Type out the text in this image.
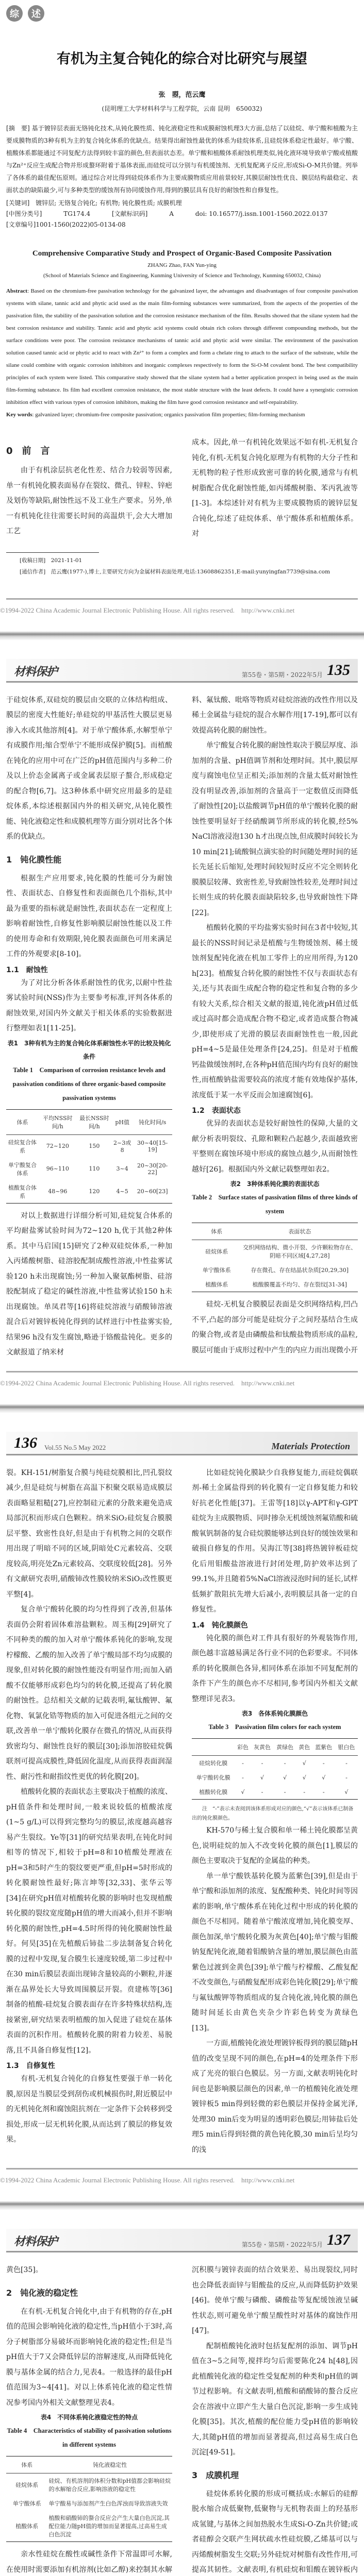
综	述
有机为主复合钝化的综合对比研究与展望
张　曌，范云鹰
(昆明理工大学材料科学与工程学院，云南 昆明　650032)
[摘　要] 基于镀锌层表面无铬钝化技术,从钝化膜性质、钝化液稳定性和成膜耐蚀机理3大方面,总结了以硅烷、单宁酸和植酸为主要成膜物质的3种有机为主的复合钝化体系的优缺点。结果得出耐蚀性最优的体系为硅烷体系,且硅烷体系稳定性最好。单宁酸、植酸体系都能通过不同复配方法得到较丰富的颜色,但表面状态差。单宁酸和植酸体系耐蚀机理类似,钝化液环境导致单宁酸或植酸与Zn²⁺反应生成配合物并形成螯环附着于基体表面,而硅烷可以分别与有机缓蚀剂、无机复配离子反应,形成Si-O-M共价键。列举了各体系的最佳配伍原则。通过综合对比得到硅烷体系作为主要成膜物质应用前景较好,其膜层耐蚀性优良、膜层结构最稳定、表面状态的缺陷最少,可与多种类型的缓蚀剂有协同缓蚀作用,得到的膜层具有良好的耐蚀性和自修复性。
[关键词] 镀锌层; 无铬复合钝化; 有机物; 钝化膜性质; 成膜机理
[中图分类号]	TG174.4	[文献标识码]	A	doi: 10.16577/j.issn.1001-1560.2022.0137
[文章编号]1001-1560(2022)05-0134-08
Comprehensive Comparative Study and Prospect of Organic-Based Composite Passivation
ZHANG Zhao, FAN Yun-ying
(School of Materials Science and Engineering, Kunming University of Science and Technology, Kunming 650032, China)
Abstract: Based on the chromium-free passivation technology for the galvanized layer, the advantages and disadvantages of four composite passivation systems with silane, tannic acid and phytic acid used as the main film-forming substances were summarized, from the aspects of the properties of the passivation film, the stability of the passivation solution and the corrosion resistance mechanism of the film. Results showed that the silane system had the best corrosion resistance and stability. Tannic acid and phytic acid systems could obtain rich colors through different compounding methods, but the surface conditions were poor. The corrosion resistance mechanisms of tannic acid and phytic acid were similar. The environment of the passivation solution caused tannic acid or phytic acid to react with Zn²⁺ to form a complex and form a chelate ring to attach to the surface of the substrate, while the silane could combine with organic corrosion inhibitors and inorganic complexes respectively to form the Si-O-M covalent bond. The best compatibility principles of each system were listed. This comparative study showed that the silane system had a better application prospect in being used as the main film-forming substance. Its film had excellent corrosion resistance, the most stable structure with the least defects. It could have a synergistic corrosion inhibition effect with various types of corrosion inhibitors, making the film have good corrosion resistance and self-repairability.
Key words: galvanized layer; chromium-free composite passivation; organics passivation film properties; film-forming mechanism
0　前　言

由于有机涂层抗老化性差、结合力较弱等因素,单一有机钝化膜表面易存在裂纹、微孔、锌粒、锌疤及划伤等缺陷,耐蚀性远不及工业生产要求。另外,单一有机钝化往往需要长时间的高温烘干,会大大增加工艺

成本。因此,单一有机钝化效果远不如有机-无机复合钝化,有机-无机复合钝化原理为有机物的大分子性和无机物的粒子性形成致密可靠的转化膜,通常与有机树脂配合优化耐蚀性能,如丙烯酸树脂、苯丙乳液等[1-3]。本综述针对有机为主要成膜物质的镀锌层复合钝化,综述了硅烷体系、单宁酸体系和植酸体系。对

[收稿日期]　2021-11-01
[通信作者]　范云鹰(1977-),博士,主要研究方向为金属材料表面处理,电话:13608862351,E-mail:yunyingfan7739@sina.com
©1994-2022 China Academic Journal Electronic Publishing House. All rights reserved.　http://www.cnki.net
材料保护	第55卷・第5期・2022年5月 135

于硅烷体系,双硅烷的膜层由交联的立体结构组成、膜层的密度大性能好;单硅烷的甲基活性大膜层更易渗入水或其他溶剂[4]。对于单宁酸体系,水解型单宁有成膜作用;缩合型单宁不能形成保护膜[5]。而植酸在钝化的应用中可在广泛的pH值范围内与多种二价及以上价态金属离子或金属表层原子螯合,形成稳定的配合物[6,7]。这3种体系中研究应用最多的是硅烷体系,本综述根据国内外的相关研究,从钝化膜性能、钝化液稳定性和成膜机理等方面分别对比各个体系的优缺点。

1　钝化膜性能

根据生产应用要求,钝化膜的性能可分为耐蚀性、表面状态、自修复性和表面颜色几个指标,其中最为重要的指标就是耐蚀性,表面状态在一定程度上影响着耐蚀性,自修复性影响膜层耐蚀性能以及工件的使用寿命和有效期限,钝化膜表面颜色可用来满足工件的外观要求[8-10]。

1.1　耐蚀性

为了对比分析各体系耐蚀性的优劣,以耐中性盐雾试验时间(NSS)作为主要参考标准,评判各体系的耐蚀效果,对国内外文献关于相关体系的实验数据进行整理如表1[11-25]。

表1　3种有机为主的复合钝化体系耐蚀性水平的比较及钝化条件
Table 1　Comparison of corrosion resistance levels and passivation conditions of three organic-based composite passivation systems
体系	平均NSS时间/h	最长NSS时间/h	pH值	钝化时间/s
硅烷复合体系	72~120	150	2~3或8	30~40[15-19]
单宁酸复合体系	96~110	110	3~4	20~30[20-22]
植酸复合体系	48~96	120	4~5	20~60[23]

对以上数据进行详细分析可知,硅烷复合体系的平均耐盐雾试验时间为72~120 h,优于其他2种体系。其中马启国[15]研究了2种双硅烷体系,一种加入丙烯酸树脂、硅溶胶配制成酸性溶液,中性盐雾试验120 h未出现腐蚀;另一种加入聚氨酯树脂、硅溶胶配制成了稳定的碱性溶液,中性盐雾试验150 h未出现腐蚀。单凤君等[16]将硅烷溶液与硝酸铈溶液混合后对镀锌板钝化得到的试样进行中性盐雾实验,结果96 h没有发生腐蚀,略逊于铬酸盐钝化。更多的文献报道了纳米材

料、氟钛酸、吡咯等物质对硅烷溶液的改性作用以及稀土金属盐与硅烷的混合水解作用[17-19],都可以有效提高转化膜的耐蚀性。

单宁酸复合转化膜的耐蚀性取决于膜层厚度、添加剂的含量、pH值调节剂和处理时间。其中,膜层厚度与腐蚀电位呈正相关;添加剂的含量太低对耐蚀性没有明显改善,添加剂的含量高于一定数值反而降低了耐蚀性[20];以盐酸调节pH值的单宁酸转化膜的耐蚀性要明显好于经硝酸调节所形成的转化膜,经5% NaCl溶液浸泡130 h才出现点蚀,但成膜时间较长为10 min[21];硫酸铜点滴实验的时间随处理时间的延长先延长后缩短,处理时间较短时反应不完全则转化膜膜层较薄、致密性差,导致耐蚀性较差,处理时间过长则生成的转化膜表面缺陷较多,也导致耐蚀性下降[22]。

植酸转化膜的平均盐雾实验时间在3者中较短,其最长的NSS时间记录是植酸与生物缓蚀剂、稀土缓蚀剂复配钝化液在机加工零件上的应用所得,为120 h[23]。植酸复合转化膜的耐蚀性不仅与表面状态有关,还与其表面生成配合物的稳定性和复合物的多少有较大关系,综合相关文献的报道,钝化液pH值过低或过高时都会造成配合物不稳定,或者造成螯合物减少,即使形成了光滑的膜层表面耐蚀性也一般,因此pH=4~5是最佳处理条件[24,25]。但是对于植酸钙盐做缓蚀剂时,在各种pH值范围内均有良好的耐蚀性,而植酸钠盐需要较高的浓度才能有效地保护基体,浓度低于某一水平反而会加速腐蚀[6]。

1.2　表面状态

优异的表面状态是较好耐蚀性的保障,大量的文献分析表明裂纹、孔隙和颗粒凸起越少,表面越致密平整则在腐蚀环境中形成的腐蚀点越少,从而耐蚀性越好[26]。根据国内外文献记载整理如表2。

表2　3种体系钝化膜的表面状态
Table 2　Surface states of passivation films of three kinds of system
体系	表面状态
硅烷体系	交织网络结构、微小开裂、少许颗粒物存在、阴暗不同区域[4,27,28]
单宁酸体系	存在微孔、存在结晶状杂质[20,29,30]
植酸体系	植酸膜覆盖不均匀、存在裂纹[31-34]

硅烷-无机复合膜膜层表面是交织网络结构,凹凸不平,凸起的部分可能是硅烷分子之间羟基结合生成的聚合物,或者是由磷酸盐和钛酸盐物质形成的晶粒,膜层可能由于成形过程中产生的内应力而出现微小开

©1994-2022 China Academic Journal Electronic Publishing House. All rights reserved.　http://www.cnki.net
136 Vol.55 No.5 May 2022	Materials Protection

裂。KH-151/树脂复合膜与纯硅烷膜相比,凹孔裂纹减少,但是硅烷与树脂在高温下积聚交联易造成膜层表面略显粗糙[27],应控制硅元素的分散来避免造成局部沉积而形成白色颗粒。纳米SiO₂硅烷复合膜膜层平整、致密性良好,但是由于有机物之间的交联作用出现了明暗不同的区域,阴暗处C元素较高、交联度较高,明亮处Zn元素较高、交联度较低[28]。另外有文献研究表明,硝酸铈改性膜较纳米SiO₂改性膜更平整[4]。

复合单宁酸转化膜的均匀性得到了改善,但基体表面仍会附着固体难溶盐颗粒。周玉梅[29]研究了不同种类的酸的加入对单宁酸体系钝化的影响,发现柠檬酸、乙酸的加入改善了单宁酸局部不均匀成膜的现象,但对转化膜的耐蚀性能没有明显作用;而加入硝酸不仅能够形成彩色均匀的转化膜,还提高了转化膜的耐蚀性。总结相关文献的记载表明,氟钛酸钾、氟化物、氧氯化锆等物质的加入可促进各组元之间的交联,改善单一单宁酸转化膜存在微孔的情况,从而获得致密均匀、耐蚀性良好的膜层[30];添加溶胶硅烷偶联剂可提高成膜性,降低固化温度,从而获得表面润湿性、耐污性和耐指纹性更优的转化膜[20]。

植酸转化膜的表面状态主要取决于植酸的浓度、pH值条件和处理时间,一般来说较低的植酸浓度(1~5 g/L)可以得到完整均匀的膜层,浓度越高越容易产生裂纹。Ye等[31]的研究结果表明,在钝化时间相等的情况下,相较于pH=8和10植酸处理液在pH=3和5时产生的裂纹要更严重,但pH=5时形成的转化膜耐蚀性最好;陈言坤等[32,33]、张华云等[34]在研究pH值对植酸转化膜的影响时也发现植酸转化膜的裂纹宽度随pH值的增大而减小,但并不影响转化膜的耐蚀性,pH=4.5时所得的钝化膜耐蚀性最好。何昊[35]在先植酸后铈盐二步法制备复合转化膜的过程中发现,复合膜生长速度较缓,第二步过程中在30 min后膜层表面出现铈含量较高的小颗粒,并逐渐在晶界处长大导致周围膜层开裂。贲建栋等[36]制备的植酸-硅烷复合膜表面存在许多特殊状结构,连接紧密,研究结果表明植酸的加入促进了硅烷在基体表面的沉积作用。植酸转化膜的附着力较差、易脱落,且不具备自修复性[12]。

1.3　自修复性

有机-无机复合钝化的自修复性要强于单一转化膜,原因是当膜层受到刮伤或机械损伤时,附近膜层中的无机钝化剂和腐蚀阻抗剂在一定条件下会转移到受损处,形成一层无机转化膜,从而达到了膜层的修复效果。

比如硅烷钝化膜缺少自我修复能力,而硅烷偶联剂-稀土金属盐得到的转化膜有一定自修复能力和较好抗老化性能[37]。王雷等[18]以γ-APT和γ-GPT硅烷为主成膜物质、同时掺杂无机缓蚀剂氟锆酸和硫酸氧钒制备的复合硅烷膜能够达到良好的缓蚀效果和破损自修复的作用。吴海江等[38]将热镀锌板硅烷化后用钼酸盐溶液进行封闭处理,防护效率达到了99.1%,并且随着5%NaCl溶液浸泡时间的延长,试样低频扩散阻抗先增大后减小,表明膜层具备一定的自修复性。

1.4　钝化膜颜色

钝化膜的颜色对工件具有很好的外观装饰作用,颜色越丰富越易满足各行业不同的色彩要求。不同体系的转化膜颜色各异,相同体系在添加不同复配剂的条件下产生的颜色亦不尽相同,参考国内外相关文献整理详见表3。

表3　各体系钝化膜颜色
Table 3　Passivation film colors for each system
	彩色	灰黄色	黄绿色	黄色	蓝紫色	银白色
硅烷转化膜	-	-	-	√	-	-
单宁酸转化膜	-	√	√	√	√	-
植酸转化膜	√	-	-	-	-	√
注　“-”表示未查阅到该体系形成对应的颜色,“√”表示该体系已制备出的钝化膜颜色。

KH-570与稀土复合膜和单一稀土钝化膜都呈黄色,说明硅烷的加入不改变转化膜的颜色[1],膜层的颜色主要取决于复配的金属盐的种类。

单一单宁酸铁基转化膜为蓝紫色[39],但是由于单宁酸和添加剂的浓度、复配酸种类、钝化时间等因素的影响,单宁酸体系在钝化过程中形成的转化膜的颜色不尽相同。随着单宁酸浓度增加,钝化膜变厚、颜色加深,单宁酸转化膜为灰黄色[40];单宁酸与钼酸钠复配钝化液,随着钼酸钠含量的增加,膜层颜色由蓝紫色过渡到金黄色[39];单宁酸与柠檬酸、乙酸复配不改变颜色,与硝酸复配形成彩色钝化膜[29];单宁酸与氟钛酸钾等物质组成的复合钝化液,钝化膜的颜色随时间延长由黄色夹杂少许彩色转变为黄绿色[13]。

一方面,植酸钝化液处理镀锌板得到的膜层随pH值的改变呈现不同的颜色,在pH=4的处理条件下形成了光亮的银白色膜层。另一方面,文献表明钝化时间也是影响膜层颜色的因素,单一的植酸钝化液处理镀锌板5 min得到轻微的彩色膜层并保持金属光泽,处理30 min后变为明显的透明彩色膜层;用铈盐后处理5 min后得到轻微的黄色钝化膜,30 min后呈均匀的浅

©1994-2022 China Academic Journal Electronic Publishing House. All rights reserved.　http://www.cnki.net
材料保护	第55卷・第5期・2022年5月 137

黄色[35]。

2　钝化液的稳定性

在有机-无机复合钝化中,由于有机物的存在,pH值的范围会影响钝化液的稳定性,当pH值小于3时,高分子树脂部分易破坏而影响钝化液的稳定性;但是当pH值大于7又会降低锌层的溶解速度,从而降低钝化膜与基体金属的结合力,见表4。一般选择的最佳pH值范围为3~4[41]。对以上体系钝化液的稳定性情况参考国内外相关文献整理见表4。

表4　不同体系钝化液稳定性的特点
Table 4　Characteristics of stability of passivation solutions in different systems
体系	钝化液稳定性
硅烷体系	硅烷、有机溶剂的体积分数和pH值都会影响硅烷的水解缩合反应,影响溶液的稳定性
单宁酸体系	单宁酸易与添加剂产生白色浑浊而导致溶液失效
植酸体系	植酸和硝酸铈的螯合反应会产生大量白色沉淀,其配位能力随pH值的增加而显著提高,过高易生成白色沉淀

亲水性硅烷在酸性或碱性条件下常温即可水解,在使用时需要添加有机溶剂(比如乙醇)来控制其水解

沉积膜与镀锌表面的结合效果差、易出现裂纹,同时也会降低表面锌与钼酸盐的反应,从而降低防护效果[46]。使单宁酸与磷酸、磷酸盐等复配缓蚀液呈碱性状态,则可避免单宁酸呈酸性时对基体的腐蚀作用[47]。

配制植酸钝化液时包括复配剂的添加、调节pH值在3~5之间等,搅拌均匀后需要陈化24 h[48],因此植酸钝化液的稳定性受复配剂的种类和pH值的调节过程影响。有文献表明,植酸和硝酸铈的螯合反应会在溶液中立即产生大量白色沉淀,影响一步生成钝化膜[35]。其次,植酸的配位能力受pH值的影响较大,其随pH值的增加而显著提高,但过高易生成白色沉淀[49-51]。

3　成膜机理

硅烷体系转化膜的形成可概括成:水解后的硅醇脱水缩合成低聚物,低聚物与无机物表面上的羟基形成氢键,与基体之间加热脱水生成Si-O-Zn共价键;或者硅醇会交联产生网状疏水性硅烷膜,乙烯基可以与丙烯酸树脂发生交联;另外硅烷对树脂有改性作用,可提高其韧性。文献表明,有机硅烷和钼酸在镀锌板内
